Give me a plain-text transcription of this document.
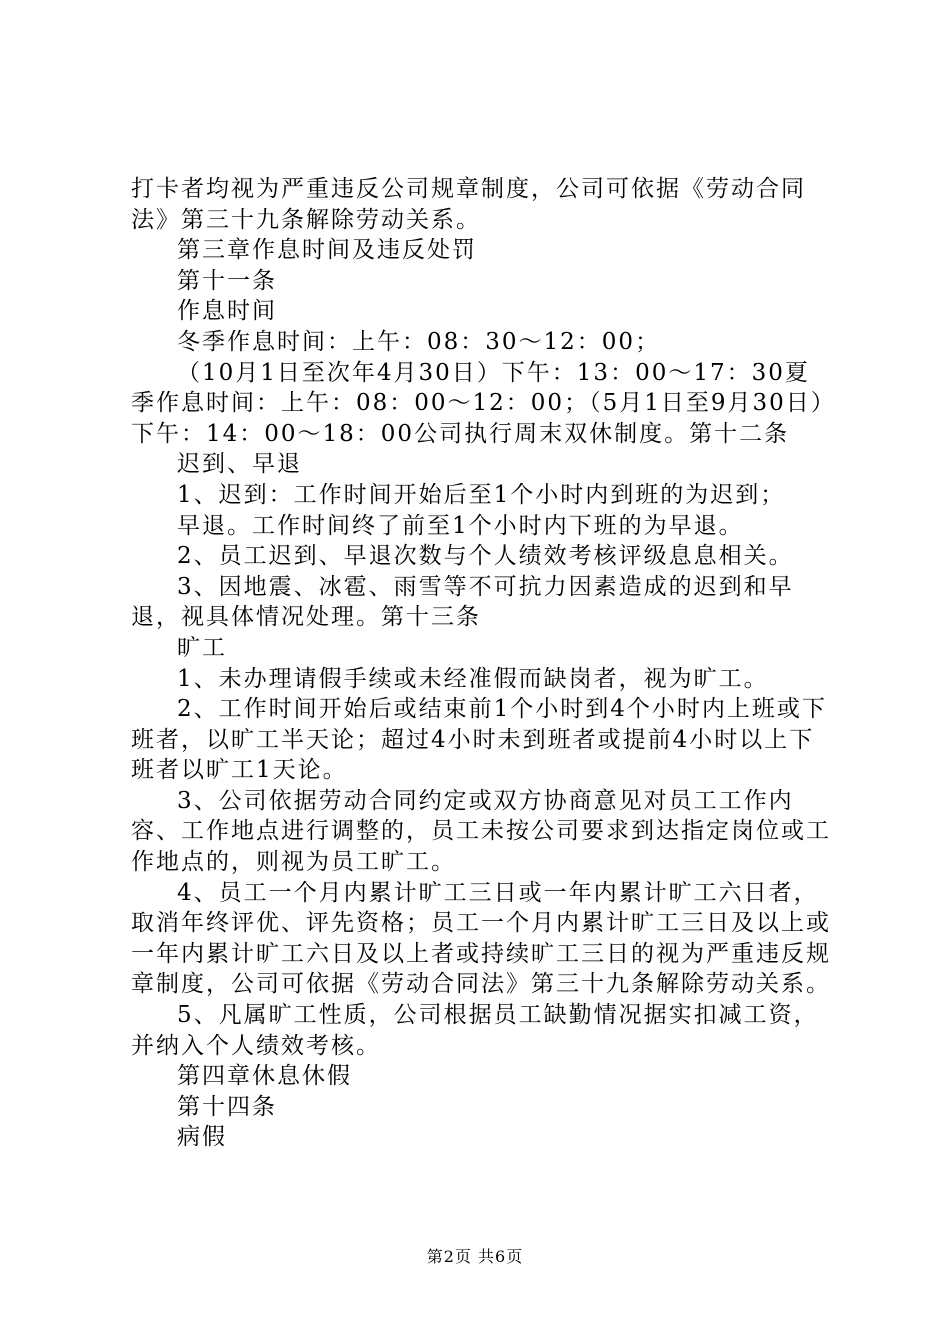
打卡者均视为严重违反公司规章制度，公司可依据《劳动合同法》第三十九条解除劳动关系。

第三章作息时间及违反处罚

第十一条

作息时间

冬季作息时间：上午：08：30～12：00；

（10月1日至次年4月30日）下午：13：00～17：30夏季作息时间：上午：08：00～12：00；（5月1日至9月30日）下午：14：00～18：00公司执行周末双休制度。第十二条

迟到、早退

1、迟到：工作时间开始后至1个小时内到班的为迟到；

早退。工作时间终了前至1个小时内下班的为早退。

2、员工迟到、早退次数与个人绩效考核评级息息相关。

3、因地震、冰雹、雨雪等不可抗力因素造成的迟到和早退，视具体情况处理。第十三条

旷工

1、未办理请假手续或未经准假而缺岗者，视为旷工。

2、工作时间开始后或结束前1个小时到4个小时内上班或下班者，以旷工半天论；超过4小时未到班者或提前4小时以上下班者以旷工1天论。

3、公司依据劳动合同约定或双方协商意见对员工工作内容、工作地点进行调整的，员工未按公司要求到达指定岗位或工作地点的，则视为员工旷工。

4、员工一个月内累计旷工三日或一年内累计旷工六日者，取消年终评优、评先资格；员工一个月内累计旷工三日及以上或一年内累计旷工六日及以上者或持续旷工三日的视为严重违反规章制度，公司可依据《劳动合同法》第三十九条解除劳动关系。

5、凡属旷工性质，公司根据员工缺勤情况据实扣减工资，并纳入个人绩效考核。

第四章休息休假

第十四条

病假

第2页 共6页
